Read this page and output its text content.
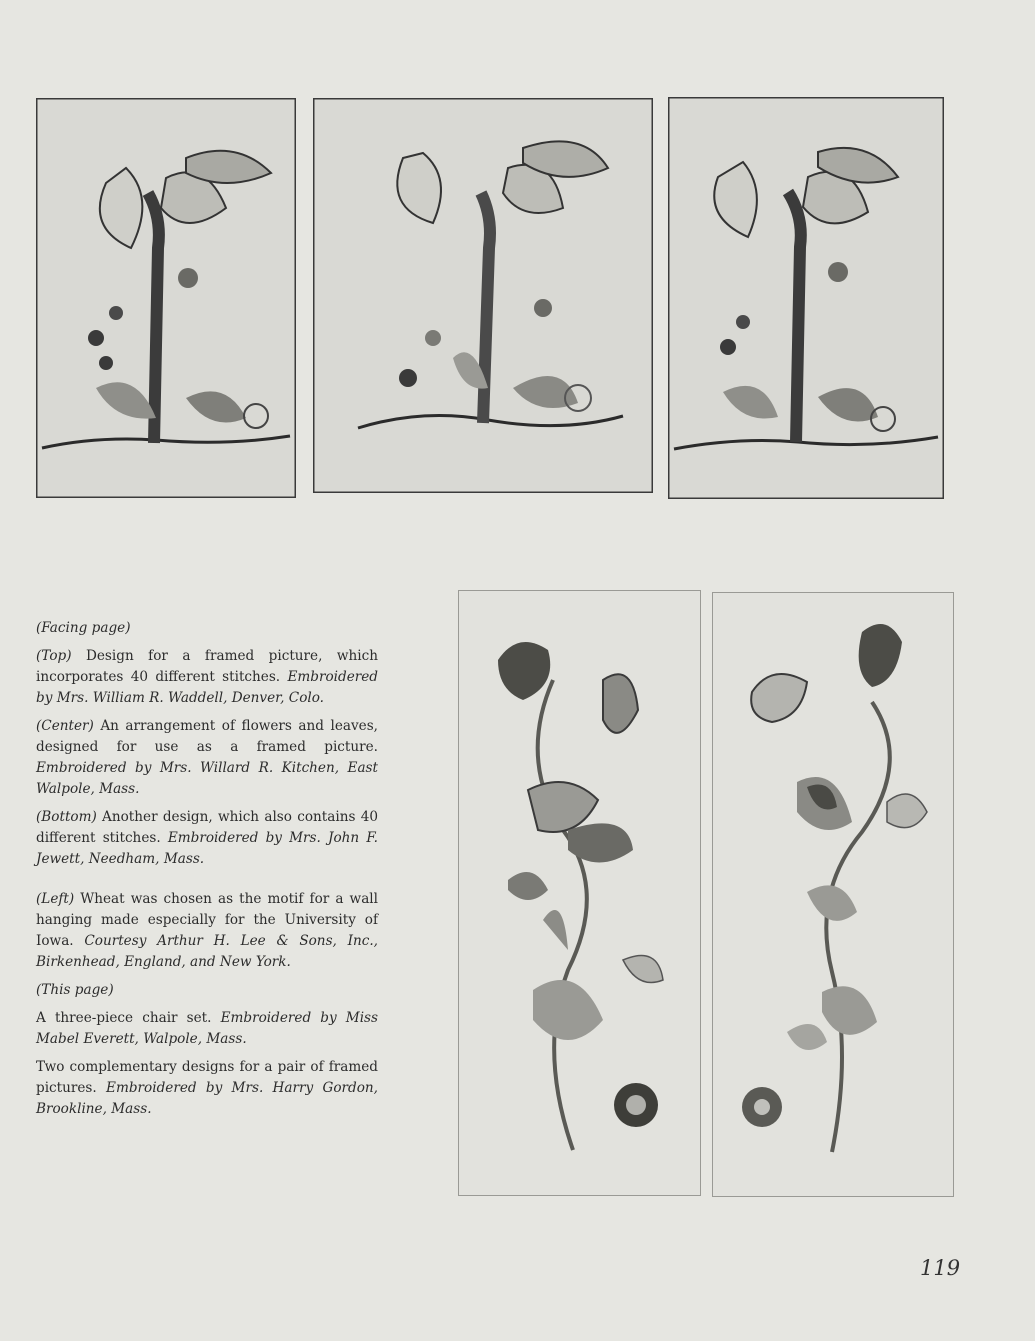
(Facing page)

(Top) Design for a framed picture, which incorporates 40 different stitches. Embroidered by Mrs. William R. Waddell, Denver, Colo.

(Center) An arrangement of flowers and leaves, designed for use as a framed picture. Embroidered by Mrs. Willard R. Kitchen, East Walpole, Mass.

(Bottom) Another design, which also contains 40 different stitches. Embroidered by Mrs. John F. Jewett, Needham, Mass.

(Left) Wheat was chosen as the motif for a wall hanging made especially for the University of Iowa. Courtesy Arthur H. Lee & Sons, Inc., Birkenhead, England, and New York.

(This page)

A three-piece chair set. Embroidered by Miss Mabel Everett, Walpole, Mass.

Two complementary designs for a pair of framed pictures. Embroidered by Mrs. Harry Gordon, Brookline, Mass.

119
